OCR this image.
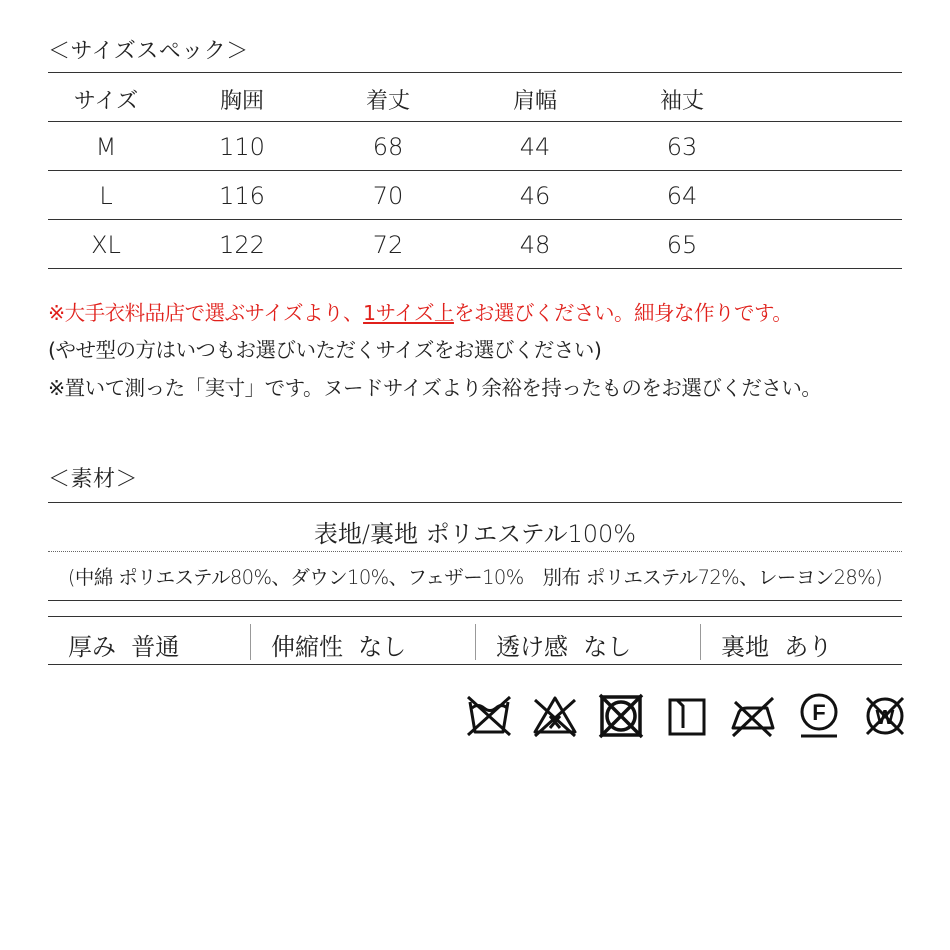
＜サイズスペック＞
サイズ	胸囲	着丈	肩幅	袖丈
M	110	68	44	63
L	116	70	46	64
XL	122	72	48	65
※大手衣料品店で選ぶサイズより、1サイズ上をお選びください。細身な作りです。
(やせ型の方はいつもお選びいただくサイズをお選びください)
※置いて測った「実寸」です。ヌードサイズより余裕を持ったものをお選びください。
＜素材＞
表地/裏地 ポリエステル100%
(中綿 ポリエステル80%、ダウン10%、フェザー10%　別布 ポリエステル72%、レーヨン28%)
厚み 普通	伸縮性 なし	透け感 なし	裏地 あり
F W
